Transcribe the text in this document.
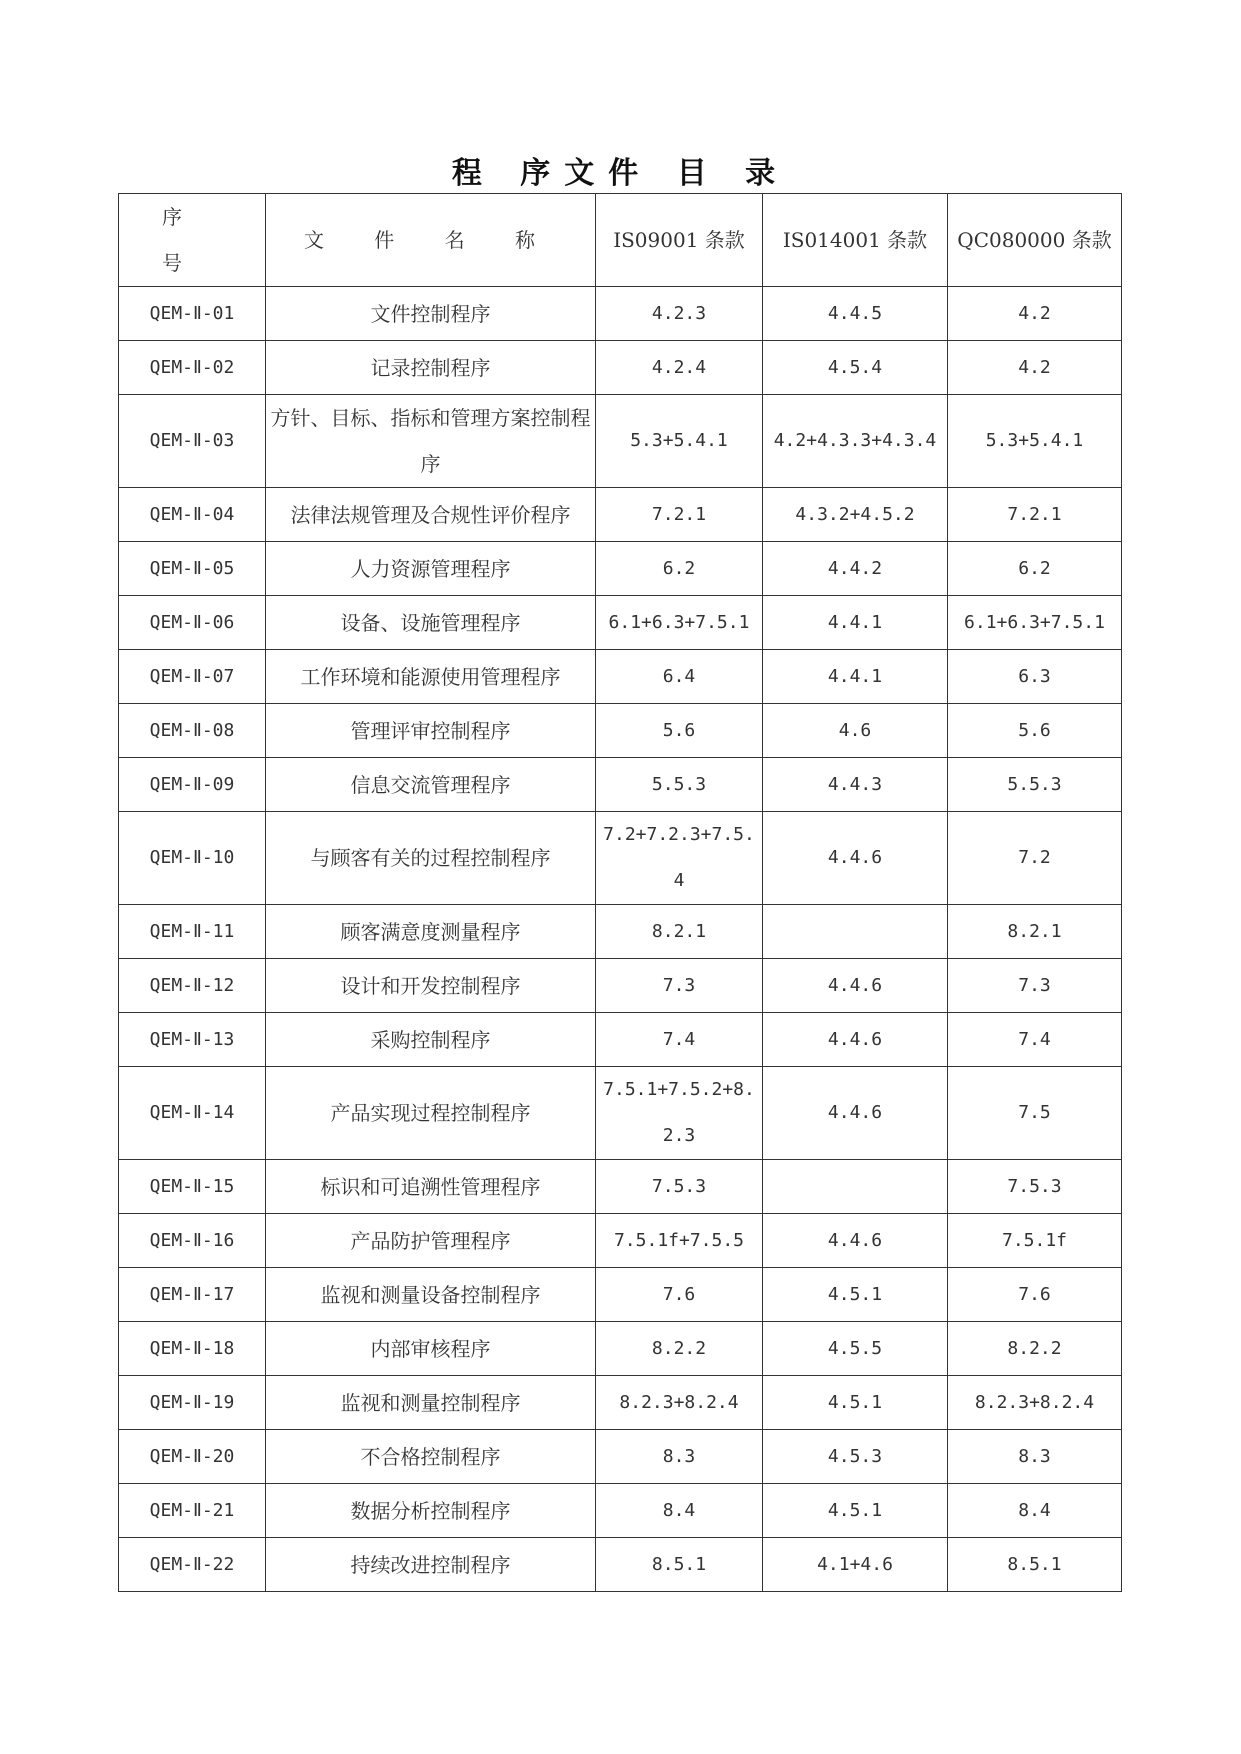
程 序文件 目 录
序 号	文 件 名 称	IS09001 条款	IS014001 条款	QC080000 条款
QEM-Ⅱ-01	文件控制程序	4.2.3	4.4.5	4.2
QEM-Ⅱ-02	记录控制程序	4.2.4	4.5.4	4.2
QEM-Ⅱ-03	方针、目标、指标和管理方案控制程序	5.3+5.4.1	4.2+4.3.3+4.3.4	5.3+5.4.1
QEM-Ⅱ-04	法律法规管理及合规性评价程序	7.2.1	4.3.2+4.5.2	7.2.1
QEM-Ⅱ-05	人力资源管理程序	6.2	4.4.2	6.2
QEM-Ⅱ-06	设备、设施管理程序	6.1+6.3+7.5.1	4.4.1	6.1+6.3+7.5.1
QEM-Ⅱ-07	工作环境和能源使用管理程序	6.4	4.4.1	6.3
QEM-Ⅱ-08	管理评审控制程序	5.6	4.6	5.6
QEM-Ⅱ-09	信息交流管理程序	5.5.3	4.4.3	5.5.3
QEM-Ⅱ-10	与顾客有关的过程控制程序	7.2+7.2.3+7.5.4	4.4.6	7.2
QEM-Ⅱ-11	顾客满意度测量程序	8.2.1		8.2.1
QEM-Ⅱ-12	设计和开发控制程序	7.3	4.4.6	7.3
QEM-Ⅱ-13	采购控制程序	7.4	4.4.6	7.4
QEM-Ⅱ-14	产品实现过程控制程序	7.5.1+7.5.2+8.2.3	4.4.6	7.5
QEM-Ⅱ-15	标识和可追溯性管理程序	7.5.3		7.5.3
QEM-Ⅱ-16	产品防护管理程序	7.5.1f+7.5.5	4.4.6	7.5.1f
QEM-Ⅱ-17	监视和测量设备控制程序	7.6	4.5.1	7.6
QEM-Ⅱ-18	内部审核程序	8.2.2	4.5.5	8.2.2
QEM-Ⅱ-19	监视和测量控制程序	8.2.3+8.2.4	4.5.1	8.2.3+8.2.4
QEM-Ⅱ-20	不合格控制程序	8.3	4.5.3	8.3
QEM-Ⅱ-21	数据分析控制程序	8.4	4.5.1	8.4
QEM-Ⅱ-22	持续改进控制程序	8.5.1	4.1+4.6	8.5.1
